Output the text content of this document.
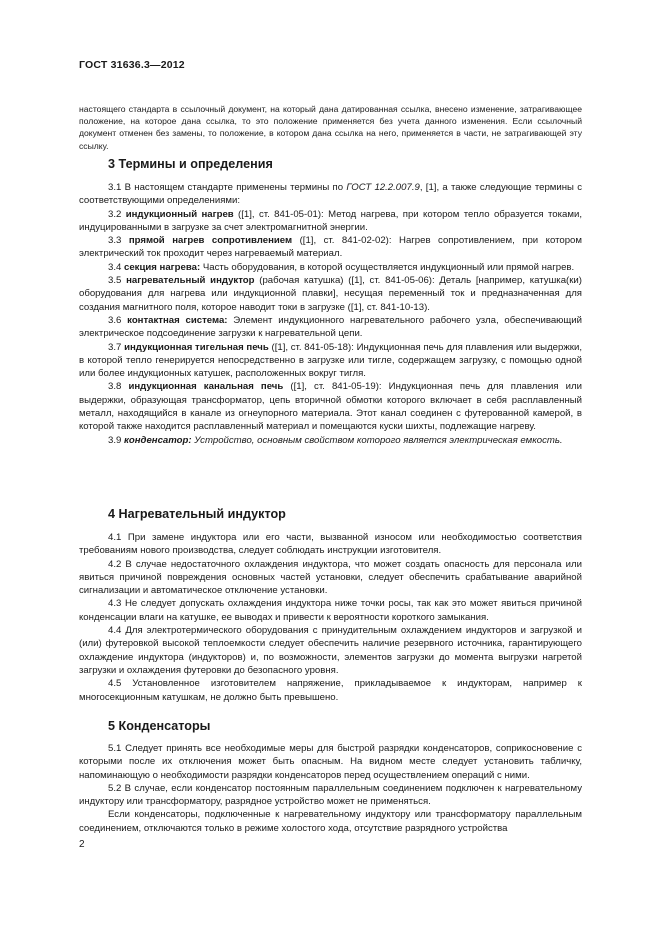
ГОСТ 31636.3—2012

настоящего стандарта в ссылочный документ, на который дана датированная ссылка, внесено изменение, затрагивающее положение, на которое дана ссылка, то это положение применяется без учета данного изменения. Если ссылочный документ отменен без замены, то положение, в котором дана ссылка на него, применяется в части, не затрагивающей эту ссылку.

3 Термины и определения

3.1 В настоящем стандарте применены термины по ГОСТ 12.2.007.9, [1], а также следующие термины с соответствующими определениями:

3.2 индукционный нагрев ([1], ст. 841-05-01): Метод нагрева, при котором тепло образуется токами, индуцированными в загрузке за счет электромагнитной энергии.

3.3 прямой нагрев сопротивлением ([1], ст. 841-02-02): Нагрев сопротивлением, при котором электрический ток проходит через нагреваемый материал.

3.4 секция нагрева: Часть оборудования, в которой осуществляется индукционный или прямой нагрев.

3.5 нагревательный индуктор (рабочая катушка) ([1], ст. 841-05-06): Деталь [например, катушка(ки) оборудования для нагрева или индукционной плавки], несущая переменный ток и предназначенная для создания магнитного поля, которое наводит токи в загрузке ([1], ст. 841-10-13).

3.6 контактная система: Элемент индукционного нагревательного рабочего узла, обеспечивающий электрическое подсоединение загрузки к нагревательной цепи.

3.7 индукционная тигельная печь ([1], ст. 841-05-18): Индукционная печь для плавления или выдержки, в которой тепло генерируется непосредственно в загрузке или тигле, содержащем загрузку, с помощью одной или более индукционных катушек, расположенных вокруг тигля.

3.8 индукционная канальная печь ([1], ст. 841-05-19): Индукционная печь для плавления или выдержки, образующая трансформатор, цепь вторичной обмотки которого включает в себя расплавленный металл, находящийся в канале из огнеупорного материала. Этот канал соединен с футерованной камерой, в которой также находится расплавленный материал и помещаются куски шихты, подлежащие нагреву.

3.9 конденсатор: Устройство, основным свойством которого является электрическая емкость.

4 Нагревательный индуктор

4.1 При замене индуктора или его части, вызванной износом или необходимостью соответствия требованиям нового производства, следует соблюдать инструкции изготовителя.

4.2 В случае недостаточного охлаждения индуктора, что может создать опасность для персонала или явиться причиной повреждения основных частей установки, следует обеспечить срабатывание аварийной сигнализации и автоматическое отключение установки.

4.3 Не следует допускать охлаждения индуктора ниже точки росы, так как это может явиться причиной конденсации влаги на катушке, ее выводах и привести к вероятности короткого замыкания.

4.4 Для электротермического оборудования с принудительным охлаждением индукторов и загрузкой и (или) футеровкой высокой теплоемкости следует обеспечить наличие резервного источника, гарантирующего охлаждение индуктора (индукторов) и, по возможности, элементов загрузки до момента выгрузки нагретой загрузки и охлаждения футеровки до безопасного уровня.

4.5 Установленное изготовителем напряжение, прикладываемое к индукторам, например к многосекционным катушкам, не должно быть превышено.

5 Конденсаторы

5.1 Следует принять все необходимые меры для быстрой разрядки конденсаторов, соприкосновение с которыми после их отключения может быть опасным. На видном месте следует установить табличку, напоминающую о необходимости разрядки конденсаторов перед осуществлением операций с ними.

5.2 В случае, если конденсатор постоянным параллельным соединением подключен к нагревательному индуктору или трансформатору, разрядное устройство может не применяться.

Если конденсаторы, подключенные к нагревательному индуктору или трансформатору параллельным соединением, отключаются только в режиме холостого хода, отсутствие разрядного устройства

2
